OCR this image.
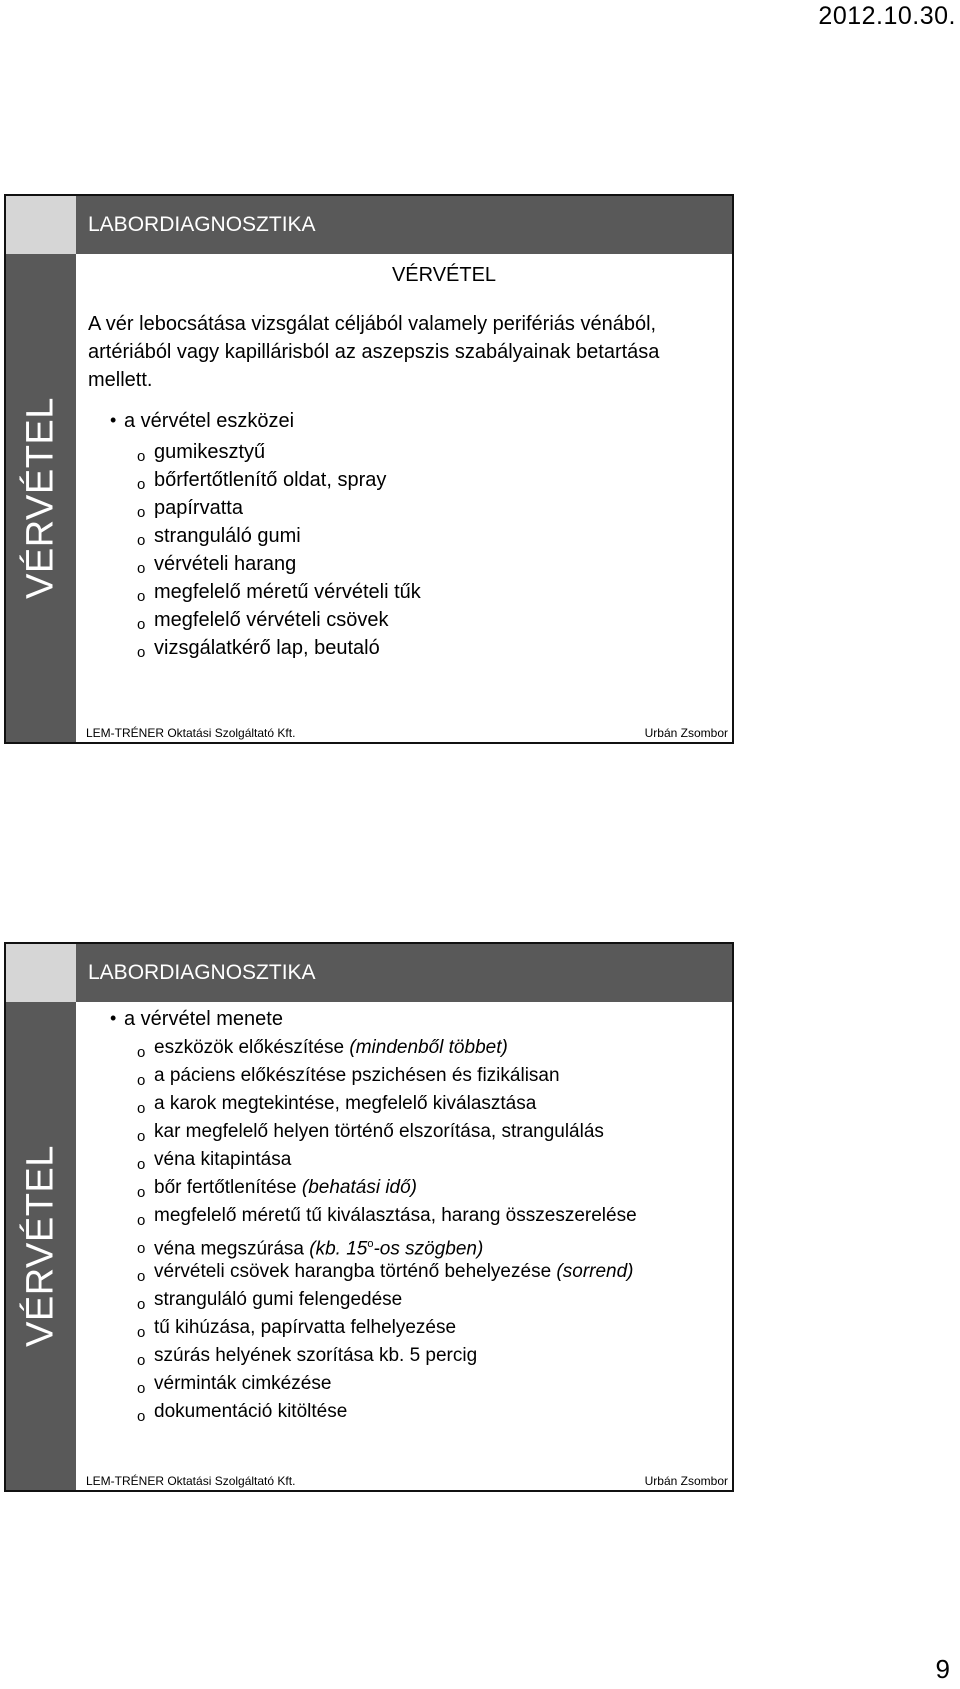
2012.10.30.
VÉRVÉTEL
LABORDIAGNOSZTIKA
VÉRVÉTEL
A vér lebocsátása vizsgálat céljából valamely perifériás vénából, artériából vagy kapillárisból az aszepszis szabályainak betartása mellett.
• a vérvétel eszközei
o gumikesztyű
o bőrfertőtlenítő oldat, spray
o papírvatta
o stranguláló gumi
o vérvételi harang
o megfelelő méretű vérvételi tűk
o megfelelő vérvételi csövek
o vizsgálatkérő lap, beutaló
LEM-TRÉNER Oktatási Szolgáltató Kft.	Urbán Zsombor
VÉRVÉTEL
LABORDIAGNOSZTIKA
• a vérvétel menete
o eszközök előkészítése (mindenből többet)
o a páciens előkészítése pszichésen és fizikálisan
o a karok megtekintése, megfelelő kiválasztása
o kar megfelelő helyen történő elszorítása, strangulálás
o véna kitapintása
o bőr fertőtlenítése (behatási idő)
o megfelelő méretű tű kiválasztása, harang összeszerelése
o véna megszúrása (kb. 15$^o$-os szögben)
o vérvételi csövek harangba történő behelyezése (sorrend)
o stranguláló gumi felengedése
o tű kihúzása, papírvatta felhelyezése
o szúrás helyének szorítása kb. 5 percig
o vérminták cimkézése
o dokumentáció kitöltése
LEM-TRÉNER Oktatási Szolgáltató Kft.	Urbán Zsombor
9
